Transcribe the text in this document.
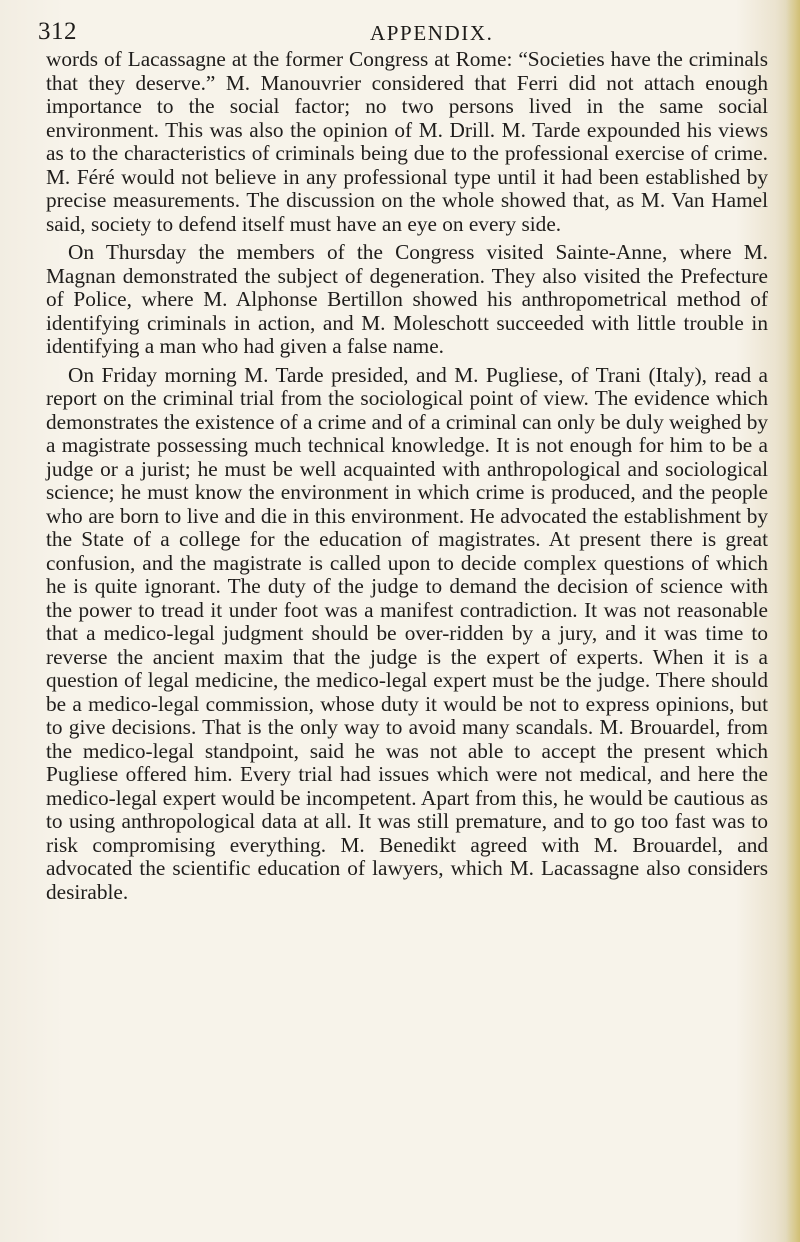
312	APPENDIX.

words of Lacassagne at the former Congress at Rome: “Societies have the criminals that they deserve.” M. Manouvrier considered that Ferri did not attach enough importance to the social factor; no two persons lived in the same social environment. This was also the opinion of M. Drill. M. Tarde expounded his views as to the characteristics of criminals being due to the professional exercise of crime. M. Féré would not believe in any professional type until it had been established by precise measurements. The discussion on the whole showed that, as M. Van Hamel said, society to defend itself must have an eye on every side.

On Thursday the members of the Congress visited Sainte-Anne, where M. Magnan demonstrated the subject of degeneration. They also visited the Prefecture of Police, where M. Alphonse Bertillon showed his anthropometrical method of identifying criminals in action, and M. Moleschott succeeded with little trouble in identifying a man who had given a false name.

On Friday morning M. Tarde presided, and M. Pugliese, of Trani (Italy), read a report on the criminal trial from the sociological point of view. The evidence which demonstrates the existence of a crime and of a criminal can only be duly weighed by a magistrate possessing much technical knowledge. It is not enough for him to be a judge or a jurist; he must be well acquainted with anthropological and sociological science; he must know the environment in which crime is produced, and the people who are born to live and die in this environment. He advocated the establishment by the State of a college for the education of magistrates. At present there is great confusion, and the magistrate is called upon to decide complex questions of which he is quite ignorant. The duty of the judge to demand the decision of science with the power to tread it under foot was a manifest contradiction. It was not reasonable that a medico-legal judgment should be over-ridden by a jury, and it was time to reverse the ancient maxim that the judge is the expert of experts. When it is a question of legal medicine, the medico-legal expert must be the judge. There should be a medico-legal commission, whose duty it would be not to express opinions, but to give decisions. That is the only way to avoid many scandals. M. Brouardel, from the medico-legal standpoint, said he was not able to accept the present which Pugliese offered him. Every trial had issues which were not medical, and here the medico-legal expert would be incompetent. Apart from this, he would be cautious as to using anthropological data at all. It was still premature, and to go too fast was to risk compromising everything. M. Benedikt agreed with M. Brouardel, and advocated the scientific education of lawyers, which M. Lacassagne also considers desirable.
